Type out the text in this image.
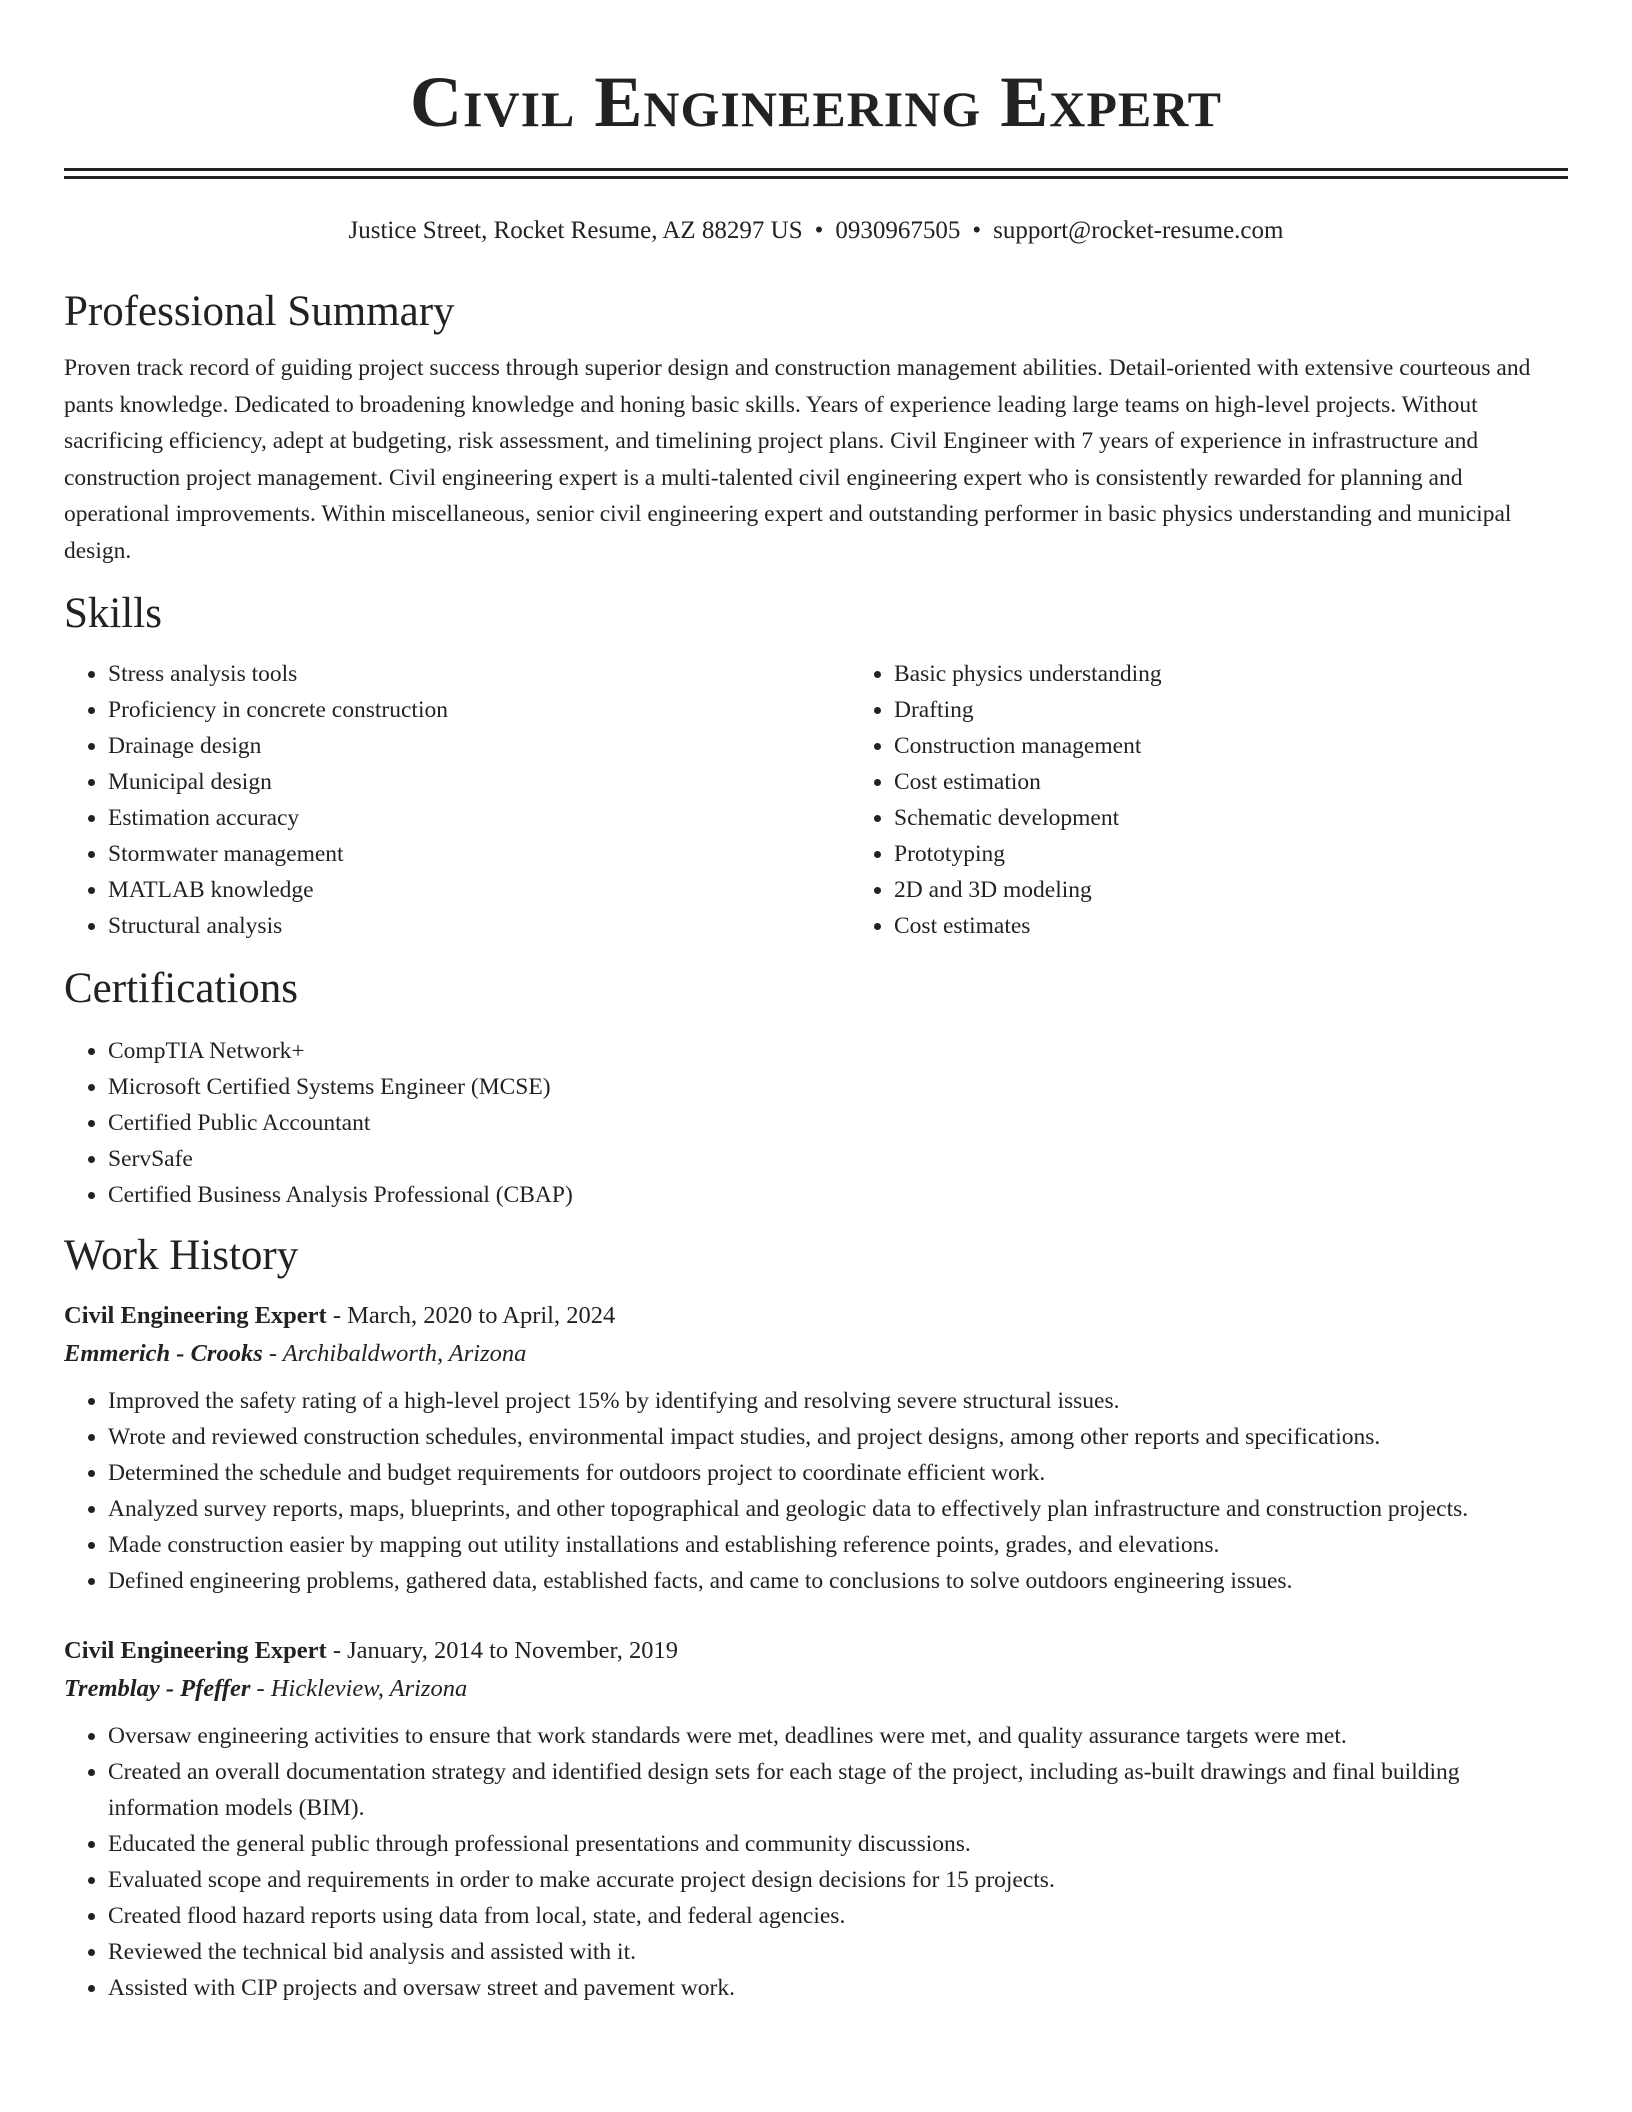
Civil Engineering Expert
Justice Street, Rocket Resume, AZ 88297 US • 0930967505 • support@rocket-resume.com
Professional Summary

Proven track record of guiding project success through superior design and construction management abilities. Detail-oriented with extensive courteous and pants knowledge. Dedicated to broadening knowledge and honing basic skills. Years of experience leading large teams on high-level projects. Without sacrificing efficiency, adept at budgeting, risk assessment, and timelining project plans. Civil Engineer with 7 years of experience in infrastructure and construction project management. Civil engineering expert is a multi-talented civil engineering expert who is consistently rewarded for planning and operational improvements. Within miscellaneous, senior civil engineering expert and outstanding performer in basic physics understanding and municipal design.

Skills
• Stress analysis tools
• Proficiency in concrete construction
• Drainage design
• Municipal design
• Estimation accuracy
• Stormwater management
• MATLAB knowledge
• Structural analysis
• Basic physics understanding
• Drafting
• Construction management
• Cost estimation
• Schematic development
• Prototyping
• 2D and 3D modeling
• Cost estimates
Certifications
• CompTIA Network+
• Microsoft Certified Systems Engineer (MCSE)
• Certified Public Accountant
• ServSafe
• Certified Business Analysis Professional (CBAP)
Work History
Civil Engineering Expert - March, 2020 to April, 2024
Emmerich - Crooks - Archibaldworth, Arizona
• Improved the safety rating of a high-level project 15% by identifying and resolving severe structural issues.
• Wrote and reviewed construction schedules, environmental impact studies, and project designs, among other reports and specifications.
• Determined the schedule and budget requirements for outdoors project to coordinate efficient work.
• Analyzed survey reports, maps, blueprints, and other topographical and geologic data to effectively plan infrastructure and construction projects.
• Made construction easier by mapping out utility installations and establishing reference points, grades, and elevations.
• Defined engineering problems, gathered data, established facts, and came to conclusions to solve outdoors engineering issues.
Civil Engineering Expert - January, 2014 to November, 2019
Tremblay - Pfeffer - Hickleview, Arizona
• Oversaw engineering activities to ensure that work standards were met, deadlines were met, and quality assurance targets were met.
• Created an overall documentation strategy and identified design sets for each stage of the project, including as-built drawings and final building information models (BIM).
• Educated the general public through professional presentations and community discussions.
• Evaluated scope and requirements in order to make accurate project design decisions for 15 projects.
• Created flood hazard reports using data from local, state, and federal agencies.
• Reviewed the technical bid analysis and assisted with it.
• Assisted with CIP projects and oversaw street and pavement work.
